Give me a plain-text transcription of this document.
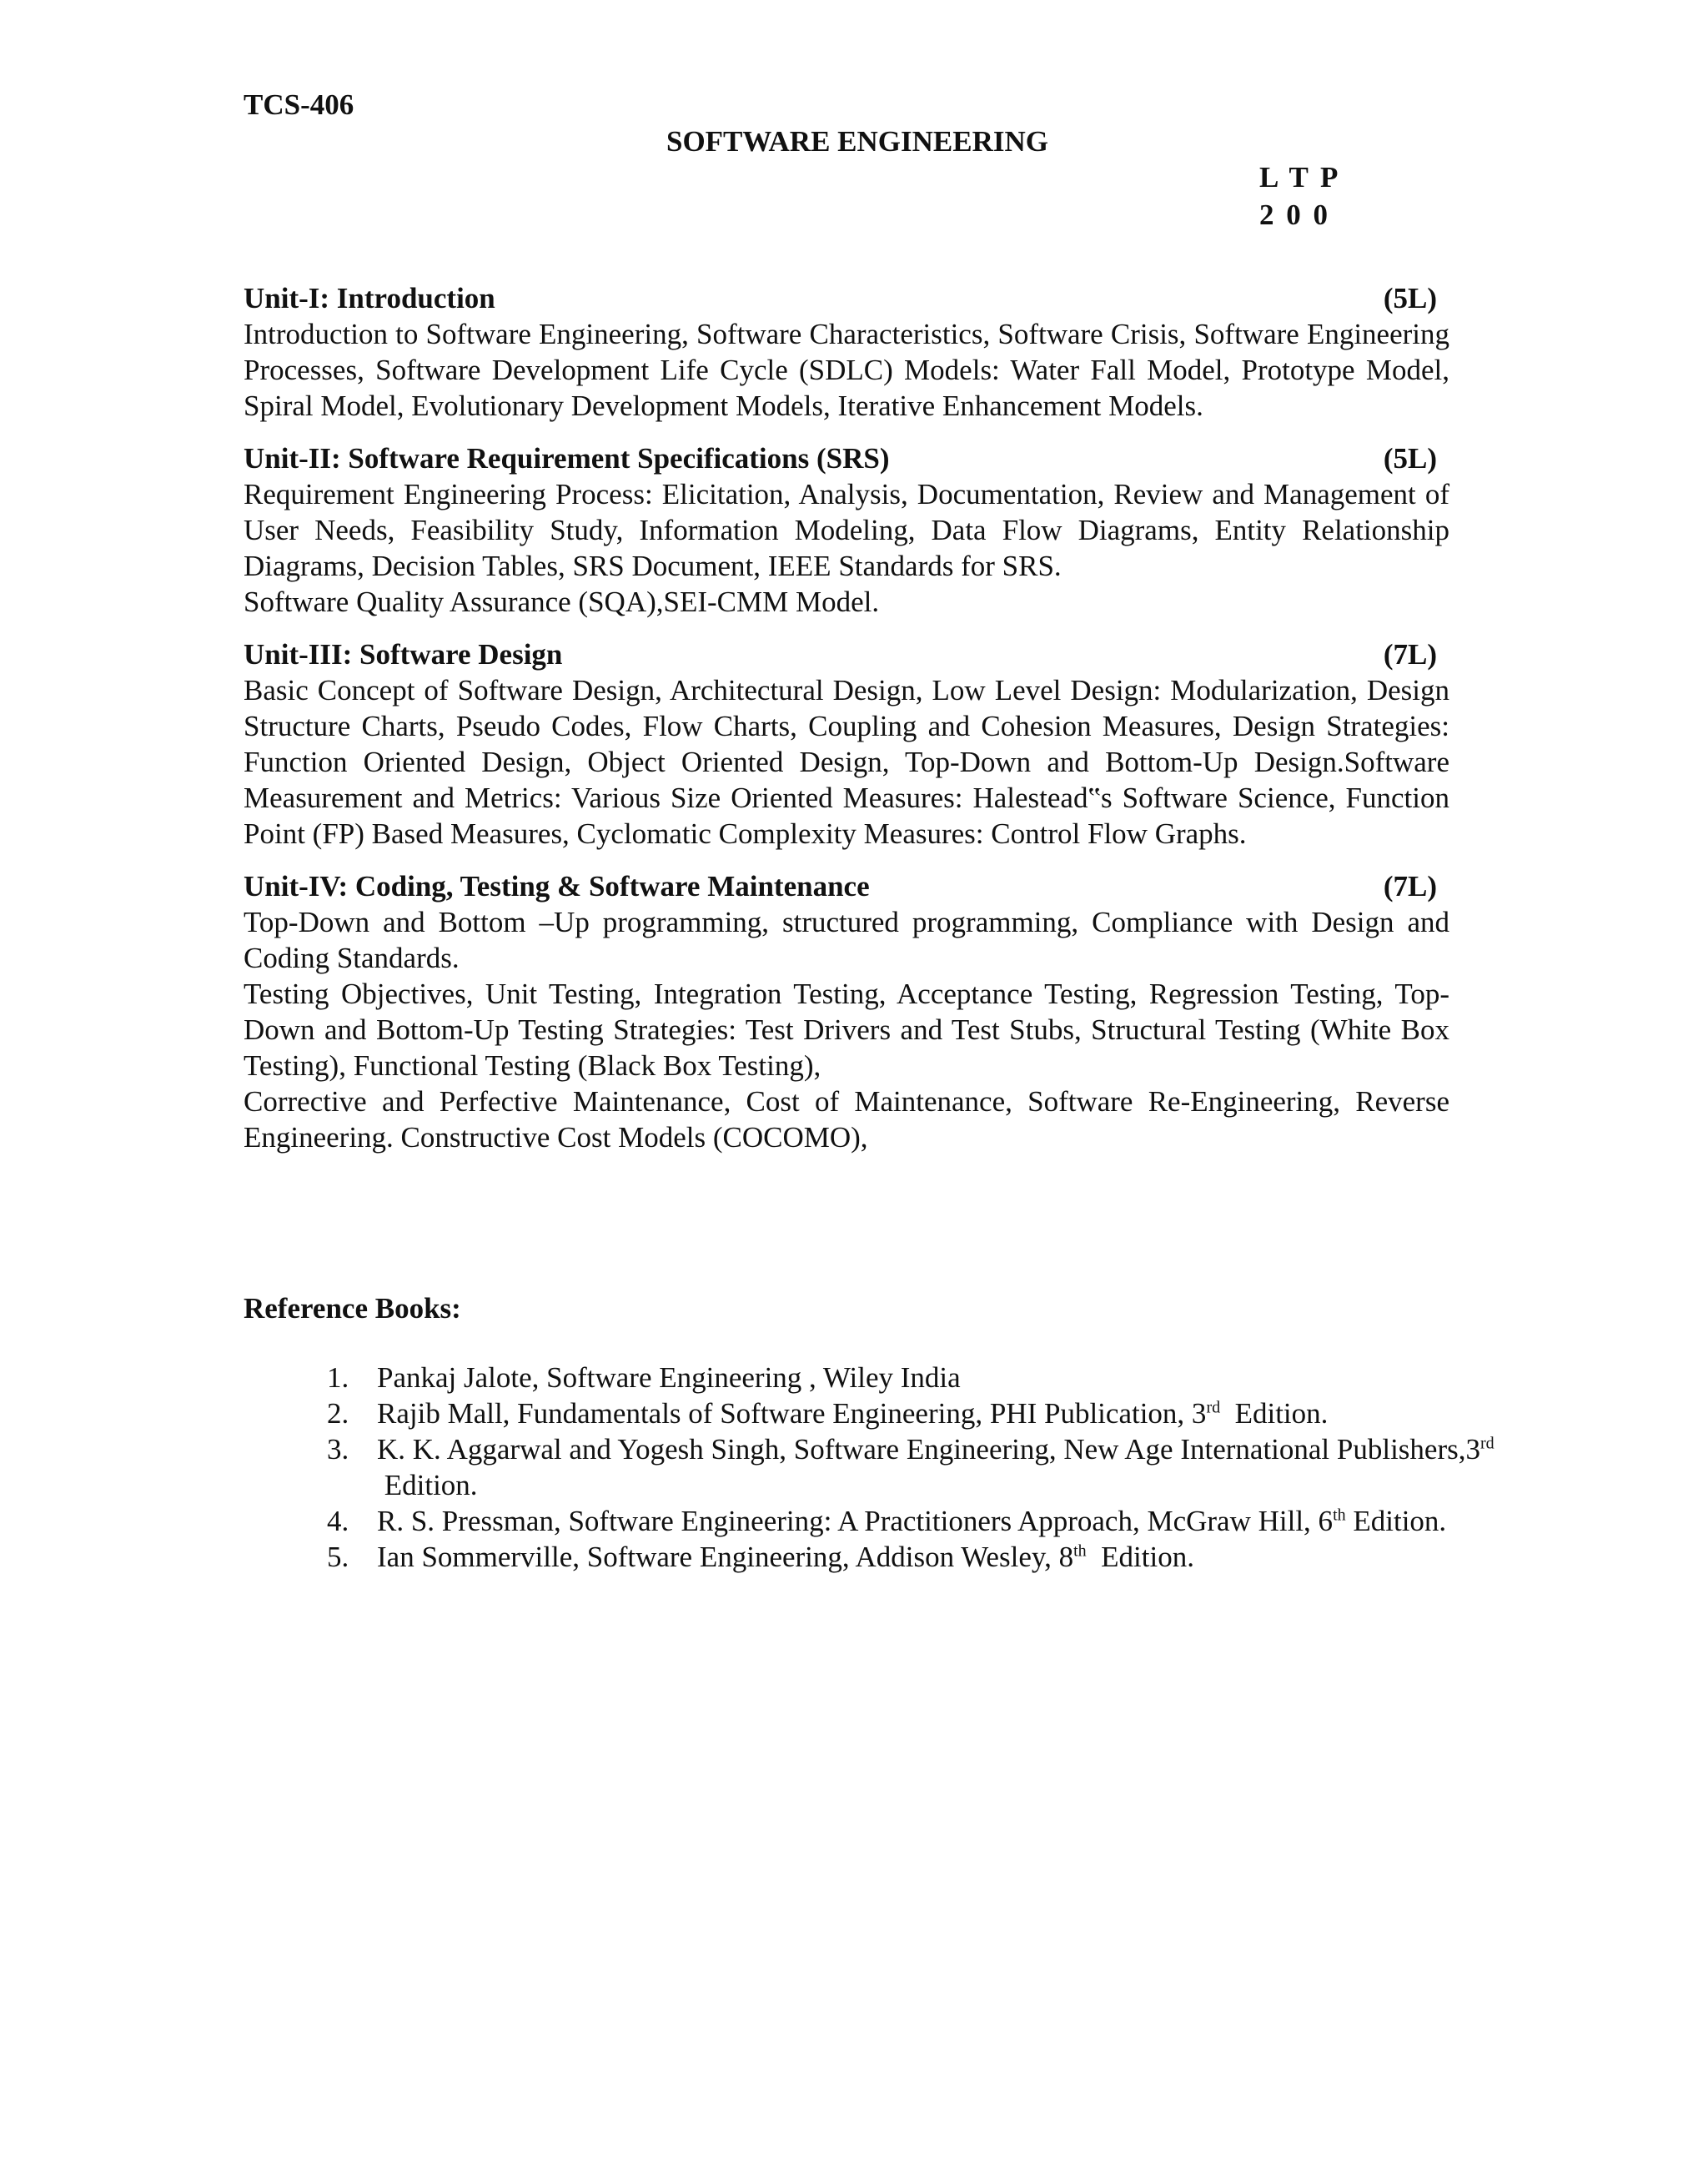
TCS-406
SOFTWARE ENGINEERING
L T P
2 0 0
Unit-I: Introduction	(5L)

Introduction to Software Engineering, Software Characteristics, Software Crisis, Software Engineering Processes, Software Development Life Cycle (SDLC) Models: Water Fall Model, Prototype Model, Spiral Model, Evolutionary Development Models, Iterative Enhancement Models.

Unit-II: Software Requirement Specifications (SRS)	(5L)

Requirement Engineering Process: Elicitation, Analysis, Documentation, Review and Management of User Needs, Feasibility Study, Information Modeling, Data Flow Diagrams, Entity Relationship Diagrams, Decision Tables, SRS Document, IEEE Standards for SRS.

Software Quality Assurance (SQA),SEI-CMM Model.

Unit-III: Software Design	(7L)

Basic Concept of Software Design, Architectural Design, Low Level Design: Modularization, Design Structure Charts, Pseudo Codes, Flow Charts, Coupling and Cohesion Measures, Design Strategies: Function Oriented Design, Object Oriented Design, Top-Down and Bottom-Up Design.Software Measurement and Metrics: Various Size Oriented Measures: Halestead‟s Software Science, Function Point (FP) Based Measures, Cyclomatic Complexity Measures: Control Flow Graphs.

Unit-IV: Coding, Testing & Software Maintenance	(7L)

Top-Down and Bottom –Up programming, structured programming, Compliance with Design and Coding Standards.

Testing Objectives, Unit Testing, Integration Testing, Acceptance Testing, Regression Testing, Top-Down and Bottom-Up Testing Strategies: Test Drivers and Test Stubs, Structural Testing (White Box Testing), Functional Testing (Black Box Testing),

Corrective and Perfective Maintenance, Cost of Maintenance, Software Re-Engineering, Reverse Engineering. Constructive Cost Models (COCOMO),

Reference Books:
1. Pankaj Jalote, Software Engineering , Wiley India
2. Rajib Mall, Fundamentals of Software Engineering, PHI Publication, 3rd  Edition.
3. K. K. Aggarwal and Yogesh Singh, Software Engineering, New Age International Publishers,3rd Edition.
4. R. S. Pressman, Software Engineering: A Practitioners Approach, McGraw Hill, 6th Edition.
5. Ian Sommerville, Software Engineering, Addison Wesley, 8th  Edition.
